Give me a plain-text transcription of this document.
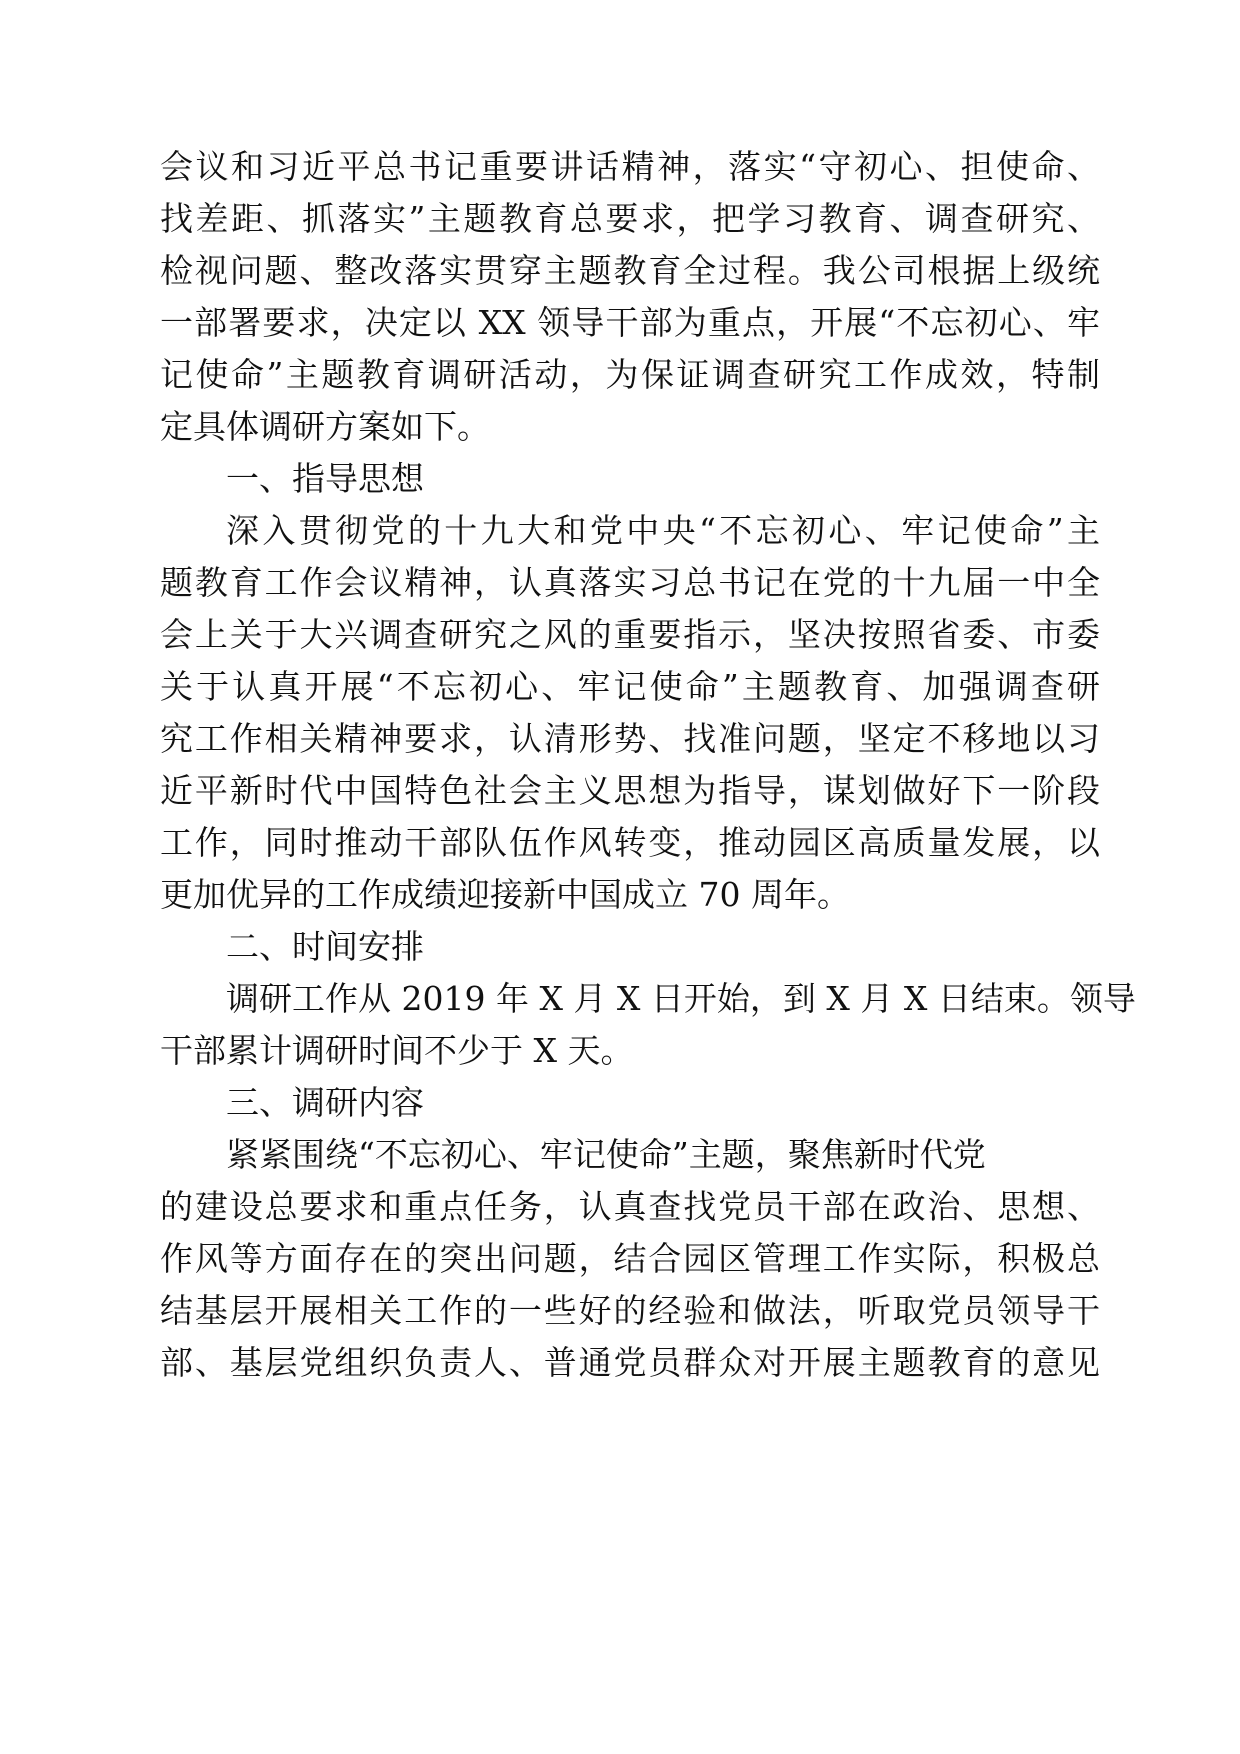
会议和习近平总书记重要讲话精神，落实“守初心、担使命、
找差距、抓落实”主题教育总要求，把学习教育、调查研究、
检视问题、整改落实贯穿主题教育全过程。我公司根据上级统
一部署要求，决定以 XX 领导干部为重点，开展“不忘初心、牢
记使命”主题教育调研活动，为保证调查研究工作成效，特制
定具体调研方案如下。
一、指导思想
深入贯彻党的十九大和党中央“不忘初心、牢记使命”主
题教育工作会议精神，认真落实习总书记在党的十九届一中全
会上关于大兴调查研究之风的重要指示，坚决按照省委、市委
关于认真开展“不忘初心、牢记使命”主题教育、加强调查研
究工作相关精神要求，认清形势、找准问题，坚定不移地以习
近平新时代中国特色社会主义思想为指导，谋划做好下一阶段
工作，同时推动干部队伍作风转变，推动园区高质量发展，以
更加优异的工作成绩迎接新中国成立 70 周年。
二、时间安排
调研工作从 2019 年 X 月 X 日开始，到 X 月 X 日结束。领导
干部累计调研时间不少于 X 天。
三、调研内容
紧紧围绕“不忘初心、牢记使命”主题，聚焦新时代党
的建设总要求和重点任务，认真查找党员干部在政治、思想、
作风等方面存在的突出问题，结合园区管理工作实际，积极总
结基层开展相关工作的一些好的经验和做法，听取党员领导干
部、基层党组织负责人、普通党员群众对开展主题教育的意见
